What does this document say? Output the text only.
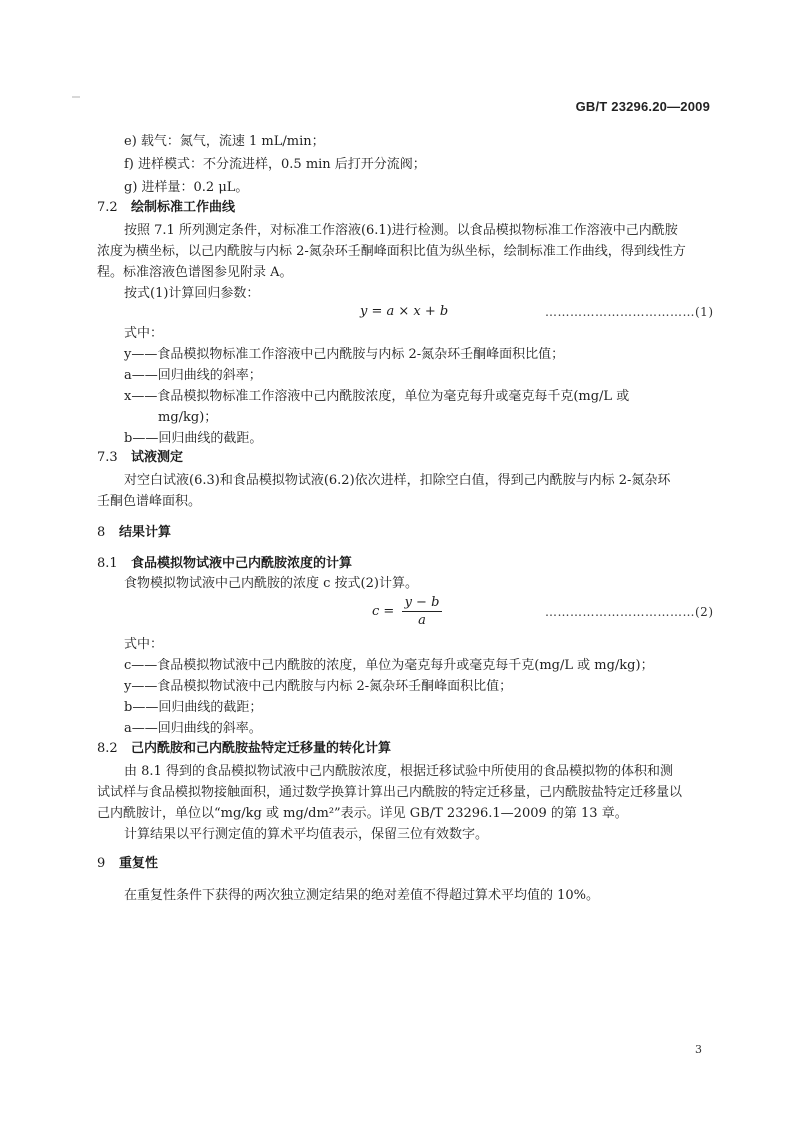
GB/T 23296.20—2009
e) 载气：氮气，流速 1 mL/min；
f) 进样模式：不分流进样，0.5 min 后打开分流阀；
g) 进样量：0.2 μL。
7.2 绘制标准工作曲线
按照 7.1 所列测定条件，对标准工作溶液(6.1)进行检测。以食品模拟物标准工作溶液中己内酰胺
浓度为横坐标，以己内酰胺与内标 2-氮杂环壬酮峰面积比值为纵坐标，绘制标准工作曲线，得到线性方
程。标准溶液色谱图参见附录 A。
按式(1)计算回归参数：
y = a × x + b	………………………………(1)
式中：
y——食品模拟物标准工作溶液中己内酰胺与内标 2-氮杂环壬酮峰面积比值；
a——回归曲线的斜率；
x——食品模拟物标准工作溶液中己内酰胺浓度，单位为毫克每升或毫克每千克(mg/L 或
mg/kg)；
b——回归曲线的截距。
7.3 试液测定
对空白试液(6.3)和食品模拟物试液(6.2)依次进样，扣除空白值，得到己内酰胺与内标 2-氮杂环
壬酮色谱峰面积。
8 结果计算
8.1 食品模拟物试液中己内酰胺浓度的计算
食物模拟物试液中己内酰胺的浓度 c 按式(2)计算。
c =
y − b
a
………………………………(2)
式中：
c——食品模拟物试液中己内酰胺的浓度，单位为毫克每升或毫克每千克(mg/L 或 mg/kg)；
y——食品模拟物试液中己内酰胺与内标 2-氮杂环壬酮峰面积比值；
b——回归曲线的截距；
a——回归曲线的斜率。
8.2 己内酰胺和己内酰胺盐特定迁移量的转化计算
由 8.1 得到的食品模拟物试液中己内酰胺浓度，根据迁移试验中所使用的食品模拟物的体积和测
试试样与食品模拟物接触面积，通过数学换算计算出己内酰胺的特定迁移量，己内酰胺盐特定迁移量以
己内酰胺计，单位以“mg/kg 或 mg/dm²”表示。详见 GB/T 23296.1—2009 的第 13 章。
计算结果以平行测定值的算术平均值表示，保留三位有效数字。
9 重复性
在重复性条件下获得的两次独立测定结果的绝对差值不得超过算术平均值的 10%。
3
